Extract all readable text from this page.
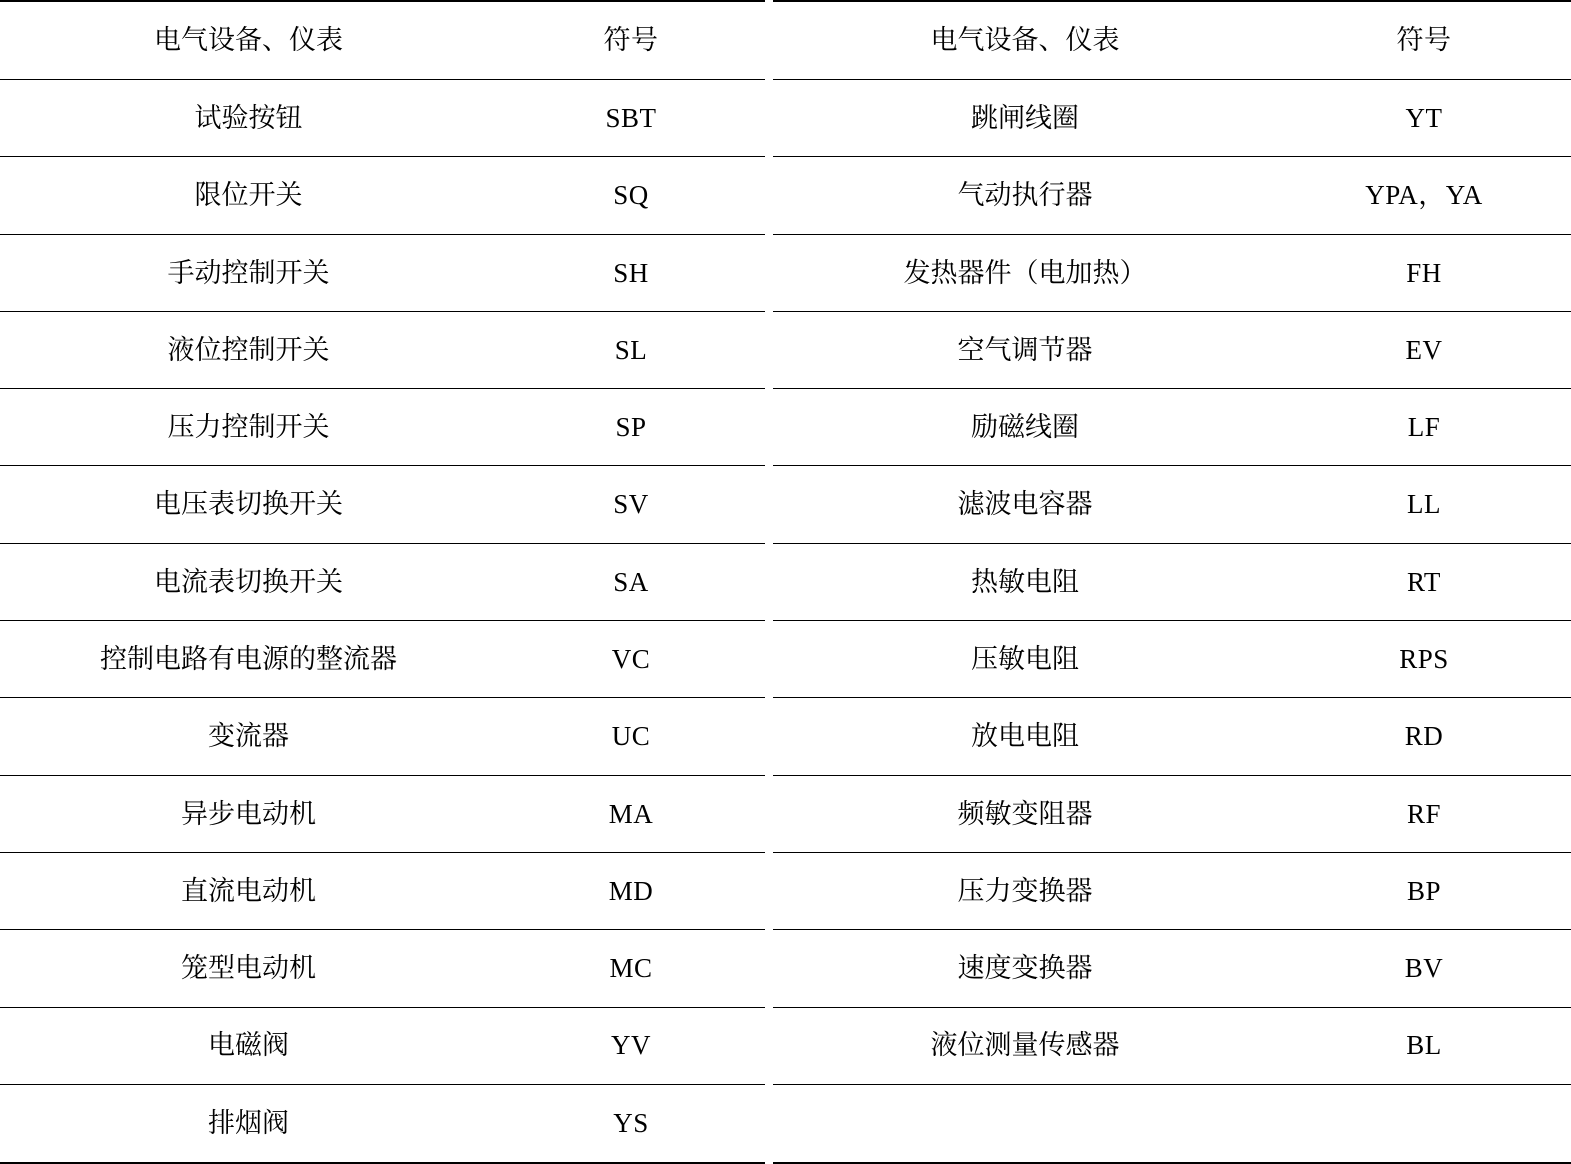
电气设备、仪表	符号		电气设备、仪表	符号

试验按钮	SBT		跳闸线圈	YT

限位开关	SQ		气动执行器	YPA，YA

手动控制开关	SH		发热器件（电加热）	FH

液位控制开关	SL		空气调节器	EV

压力控制开关	SP		励磁线圈	LF

电压表切换开关	SV		滤波电容器	LL

电流表切换开关	SA		热敏电阻	RT

控制电路有电源的整流器	VC		压敏电阻	RPS

变流器	UC		放电电阻	RD

异步电动机	MA		频敏变阻器	RF

直流电动机	MD		压力变换器	BP

笼型电动机	MC		速度变换器	BV

电磁阀	YV		液位测量传感器	BL

排烟阀	YS			
